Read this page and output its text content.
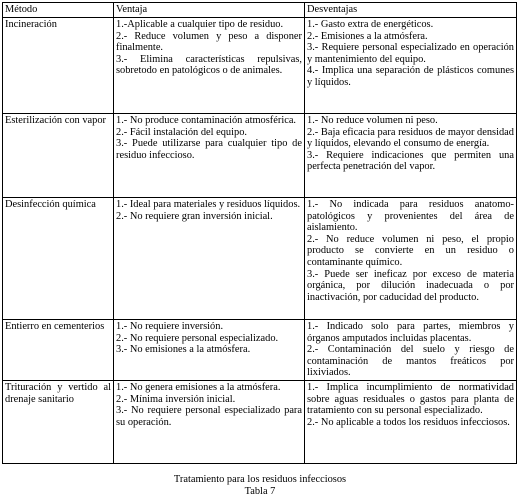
Método	Ventaja	Desventajas

Incineración	1.-Aplicable a cualquier tipo de residuo.
2.- Reduce volumen y peso a disponer finalmente.
3.- Elimina características repulsivas, sobretodo en patológicos o de animales.	1.- Gasto extra de energéticos.
2.- Emisiones a la atmósfera.
3.- Requiere personal especializado en operación y mantenimiento del equipo.
4.- Implica una separación de plásticos comunes y líquidos.

Esterilización con vapor	1.- No produce contaminación atmosférica.
2.- Fácil instalación del equipo.
3.- Puede utilizarse para cualquier tipo de residuo infeccioso.	1.- No reduce volumen ni peso.
2.- Baja eficacia para residuos de mayor densidad y líquidos, elevando el consumo de energía.
3.- Requiere indicaciones que permiten una perfecta penetración del vapor.

Desinfección química	1.- Ideal para materiales y residuos líquidos.
2.- No requiere gran inversión inicial.	1.- No indicada para residuos anatomo-patológicos y provenientes del área de aislamiento.
2.- No reduce volumen ni peso, el propio producto se convierte en un residuo o contaminante químico.
3.- Puede ser ineficaz por exceso de materia orgánica, por dilución inadecuada o por inactivación, por caducidad del producto.

Entierro en cementerios	1.- No requiere inversión.
2.- No requiere personal especializado.
3.- No emisiones a la atmósfera.	1.- Indicado solo para partes, miembros y órganos amputados incluidas placentas.
2.- Contaminación del suelo y riesgo de contaminación de mantos freáticos por lixiviados.

Trituración y vertido al drenaje sanitario	1.- No genera emisiones a la atmósfera.
2.- Mínima inversión inicial.
3.- No requiere personal especializado para su operación.	1.- Implica incumplimiento de normatividad sobre aguas residuales o gastos para planta de tratamiento con su personal especializado.
2.- No aplicable a todos los residuos infecciosos.
Tratamiento para los residuos infecciosos
Tabla 7
